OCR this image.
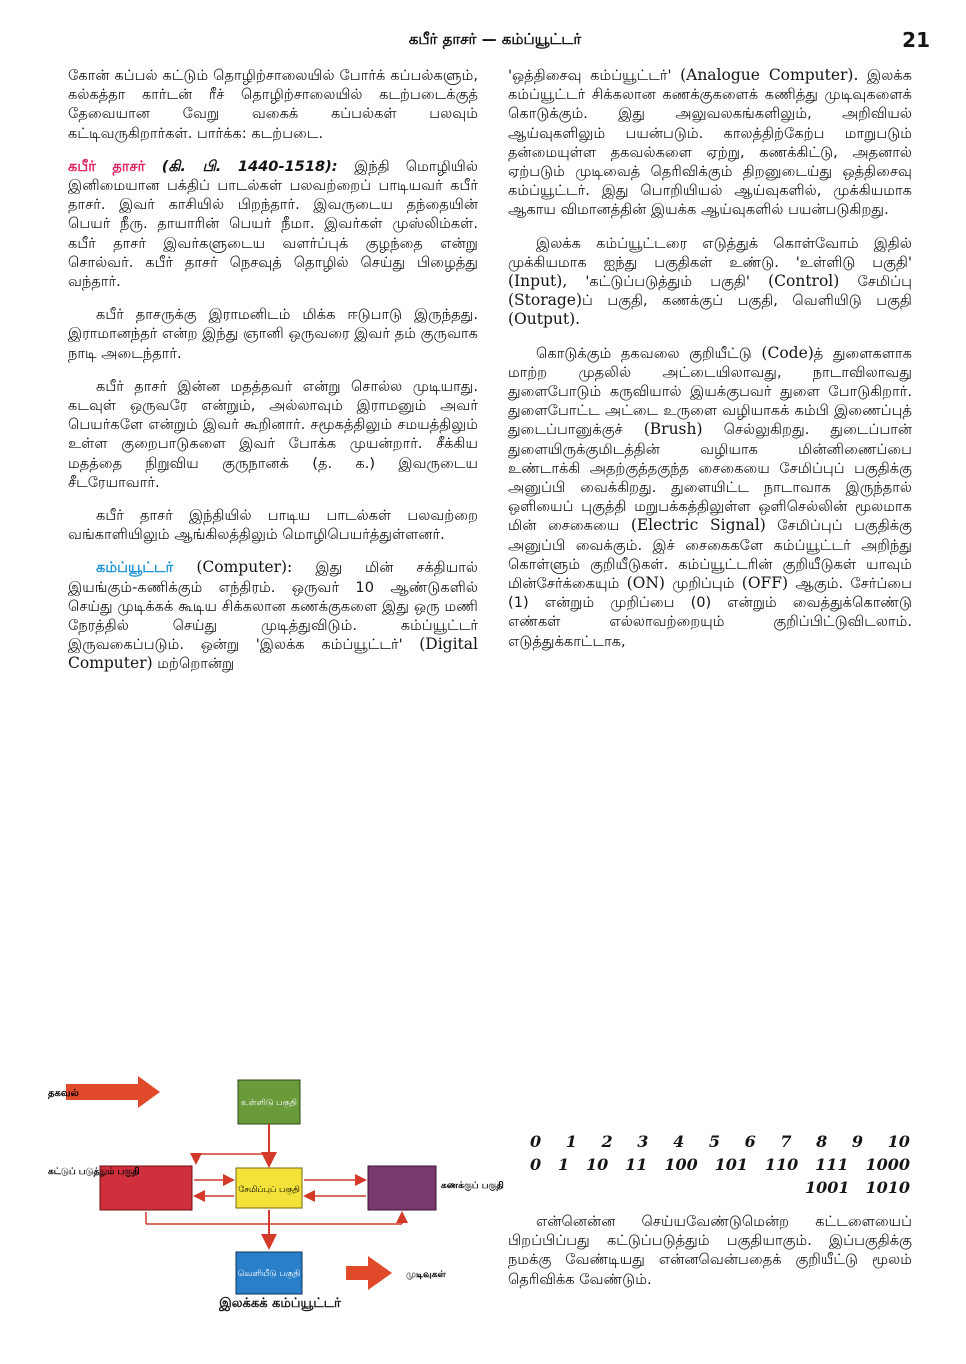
கபீர் தாசர் — கம்ப்யூட்டர்	21

கோன் கப்பல் கட்டும் தொழிற்சாலையில் போர்க் கப்பல்களும், கல்கத்தா கார்டன் ரீச் தொழிற்சாலையில் கடற்படைக்குத் தேவையான வேறு வகைக் கப்பல்கள் பலவும் கட்டிவருகிறார்கள். பார்க்க: கடற்படை.

கபீர் தாசர் (கி. பி. 1440-1518): இந்தி மொழியில் இனிமையான பக்திப் பாடல்கள் பலவற்றைப் பாடியவர் கபீர் தாசர். இவர் காசியில் பிறந்தார். இவருடைய தந்தையின் பெயர் நீரு. தாயாரின் பெயர் நீமா. இவர்கள் முஸ்லிம்கள். கபீர் தாசர் இவர்களுடைய வளர்ப்புக் குழந்தை என்று சொல்வர். கபீர் தாசர் நெசவுத் தொழில் செய்து பிழைத்து வந்தார்.

கபீர் தாசருக்கு இராமனிடம் மிக்க ஈடுபாடு இருந்தது. இராமானந்தர் என்ற இந்து ஞானி ஒருவரை இவர் தம் குருவாக நாடி அடைந்தார்.

கபீர் தாசர் இன்ன மதத்தவர் என்று சொல்ல முடியாது. கடவுள் ஒருவரே என்றும், அல்லாவும் இராமனும் அவர் பெயர்களே என்றும் இவர் கூறினார். சமூகத்திலும் சமயத்திலும் உள்ள குறைபாடுகளை இவர் போக்க முயன்றார். சீக்கிய மதத்தை நிறுவிய குருநானக் (த. க.) இவருடைய சீடரேயாவார்.

கபீர் தாசர் இந்தியில் பாடிய பாடல்கள் பலவற்றை வங்காளியிலும் ஆங்கிலத்திலும் மொழிபெயர்த்துள்ளனர்.

கம்ப்யூட்டர் (Computer): இது மின் சக்தியால் இயங்கும்-கணிக்கும் எந்திரம். ஒருவர் 10 ஆண்டுகளில் செய்து முடிக்கக் கூடிய சிக்கலான கணக்குகளை இது ஒரு மணி நேரத்தில் செய்து முடித்துவிடும். கம்ப்யூட்டர் இருவகைப்படும். ஒன்று 'இலக்க கம்ப்யூட்டர்' (Digital Computer) மற்றொன்று

'ஒத்திசைவு கம்ப்யூட்டர்' (Analogue Computer). இலக்க கம்ப்யூட்டர் சிக்கலான கணக்குகளைக் கணித்து முடிவுகளைக் கொடுக்கும். இது அலுவலகங்களிலும், அறிவியல் ஆய்வுகளிலும் பயன்படும். காலத்திற்கேற்ப மாறுபடும் தன்மையுள்ள தகவல்களை ஏற்று, கணக்கிட்டு, அதனால் ஏற்படும் முடிவைத் தெரிவிக்கும் திறனுடைய்து ஒத்திசைவு கம்ப்யூட்டர். இது பொறியியல் ஆய்வுகளில், முக்கியமாக ஆகாய விமானத்தின் இயக்க ஆய்வுகளில் பயன்படுகிறது.

இலக்க கம்ப்யூட்டரை எடுத்துக் கொள்வோம் இதில் முக்கியமாக ஐந்து பகுதிகள் உண்டு. 'உள்ளிடு பகுதி' (Input), 'கட்டுப்படுத்தும் பகுதி' (Control) சேமிப்பு (Storage)ப் பகுதி, கணக்குப் பகுதி, வெளியிடு பகுதி (Output).

கொடுக்கும் தகவலை குறியீட்டு (Code)த் துளைகளாக மாற்ற முதலில் அட்டையிலாவது, நாடாவிலாவது துளைபோடும் கருவியால் இயக்குபவர் துளை போடுகிறார். துளைபோட்ட அட்டை உருளை வழியாகக் கம்பி இணைப்புத் துடைப்பானுக்குச் (Brush) செல்லுகிறது. துடைப்பான் துளையிருக்குமிடத்தின் வழியாக மின்னிணைப்பை உண்டாக்கி அதற்குத்தகுந்த சைகையை சேமிப்புப் பகுதிக்கு அனுப்பி வைக்கிறது. துளையிட்ட நாடாவாக இருந்தால் ஒளியைப் புகுத்தி மறுபக்கத்திலுள்ள ஒளிசெல்லின் மூலமாக மின் சைகையை (Electric Signal) சேமிப்புப் பகுதிக்கு அனுப்பி வைக்கும். இச் சைகைகளே கம்ப்யூட்டர் அறிந்து கொள்ளும் குறியீடுகள். கம்ப்யூட்டரின் குறியீடுகள் யாவும் மின்சேர்க்கையும் (ON) முறிப்பும் (OFF) ஆகும். சேர்ப்பை (1) என்றும் முறிப்பை (0) என்றும் வைத்துக்கொண்டு எண்கள் எல்லாவற்றையும் குறிப்பிட்டுவிடலாம். எடுத்துக்காட்டாக,

0 1 2 3 4 5 6 7 8 9 10
0 1 10 11 100 101 110 111 1000
1001 1010

என்னென்ன செய்யவேண்டுமென்ற கட்டளையைப் பிறப்பிப்பது கட்டுப்படுத்தும் பகுதியாகும். இப்பகுதிக்கு நமக்கு வேண்டியது என்னவென்பதைக் குறியீட்டு மூலம் தெரிவிக்க வேண்டும்.

தகவல்
உள்ளிடு பகுதி
சேமிப்புப் பகுதி
கட்டுப் படுத்தும் பகுதி
கணக்குப் பகுதி
வெளியீடு பகுதி	முடிவுகள்
இலக்கக் கம்ப்யூட்டர்
